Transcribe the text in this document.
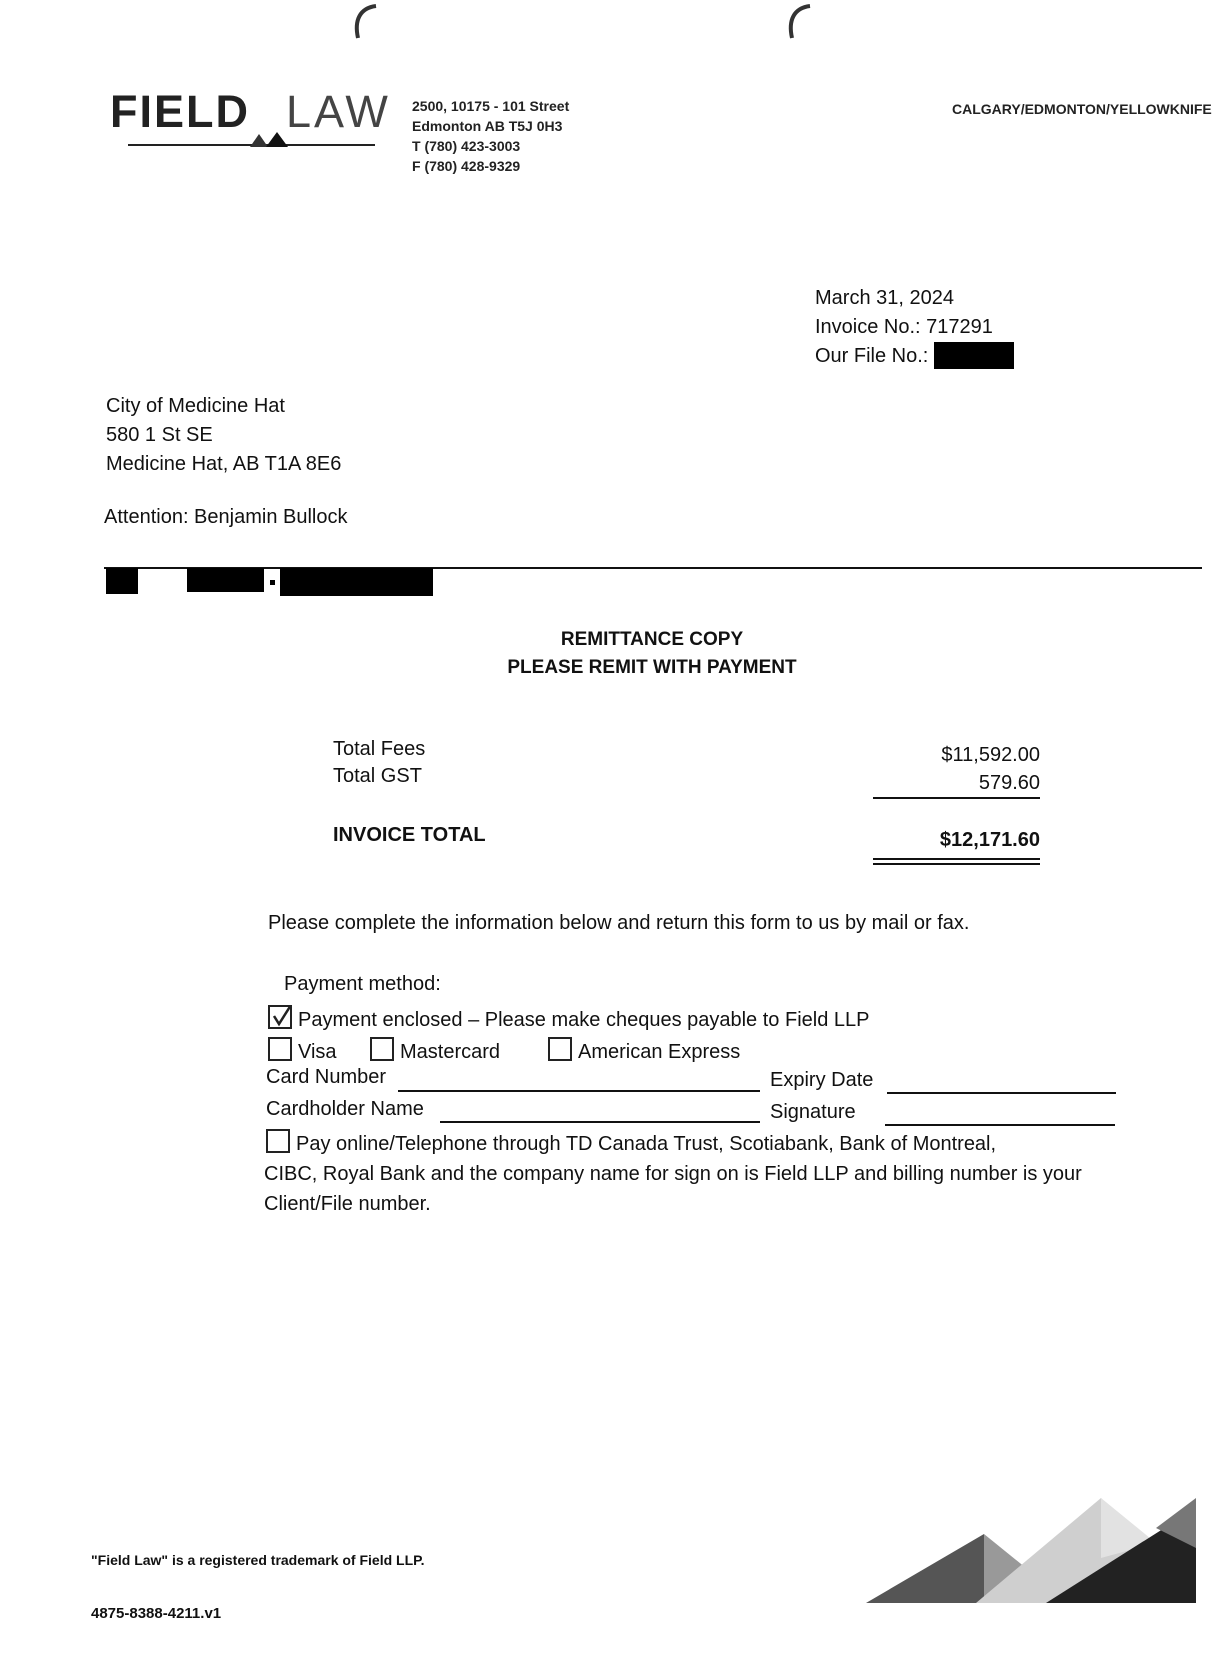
FIELD LAW 2500, 10175 - 101 Street
Edmonton AB T5J 0H3
T (780) 423-3003
F (780) 428-9329
CALGARY/EDMONTON/YELLOWKNIFE
March 31, 2024
Invoice No.: 717291
Our File No.:
City of Medicine Hat
580 1 St SE
Medicine Hat, AB T1A 8E6
Attention: Benjamin Bullock
REMITTANCE COPY
PLEASE REMIT WITH PAYMENT
Total Fees	$11,592.00
Total GST	579.60
INVOICE TOTAL	$12,171.60
Please complete the information below and return this form to us by mail or fax.
Payment method:
Payment enclosed – Please make cheques payable to Field LLP
Visa	Mastercard	American Express
Card Number	Expiry Date
Cardholder Name	Signature
Pay online/Telephone through TD Canada Trust, Scotiabank, Bank of Montreal,
CIBC, Royal Bank and the company name for sign on is Field LLP and billing number is your
Client/File number.
"Field Law" is a registered trademark of Field LLP.
4875-8388-4211.v1
